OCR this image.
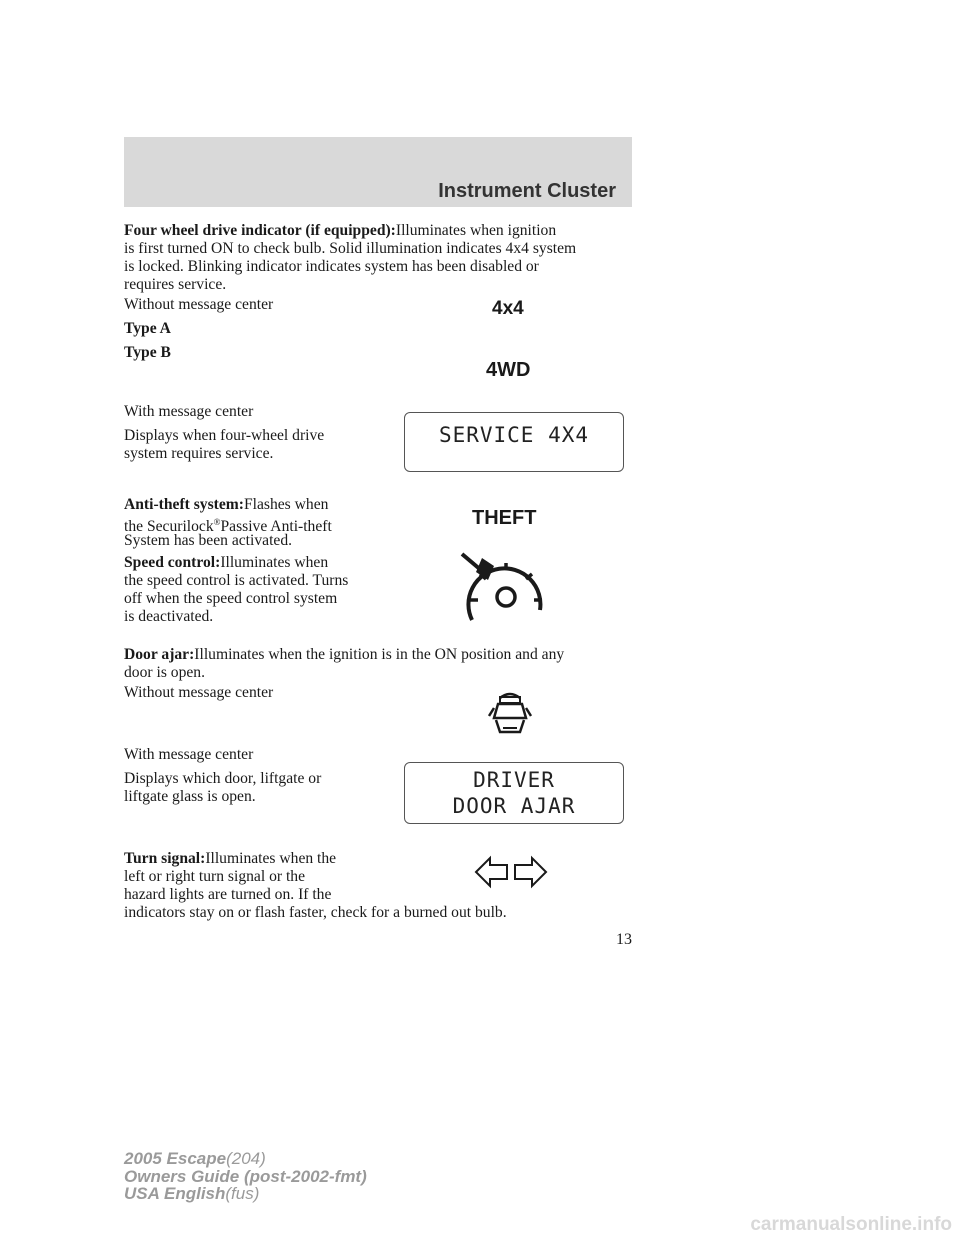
Instrument Cluster

Four wheel drive indicator (if equipped):Illuminates when ignition

is first turned ON to check bulb. Solid illumination indicates 4x4 system

is locked. Blinking indicator indicates system has been disabled or

requires service.

Without message center

Type A

Type B

4x4
4WD

With message center

Displays when four-wheel drive

system requires service.

SERVICE 4X4

Anti-theft system:Flashes when

the Securilock®Passive Anti-theft

System has been activated.

THEFT

Speed control:Illuminates when

the speed control is activated. Turns

off when the speed control system

is deactivated.

Door ajar:Illuminates when the ignition is in the ON position and any

door is open.

Without message center

With message center

Displays which door, liftgate or

liftgate glass is open.

DRIVER
DOOR AJAR

Turn signal:Illuminates when the

left or right turn signal or the

hazard lights are turned on. If the

indicators stay on or flash faster, check for a burned out bulb.

13
2005 Escape(204)
Owners Guide (post-2002-fmt)
USA English(fus)
carmanualsonline.info
